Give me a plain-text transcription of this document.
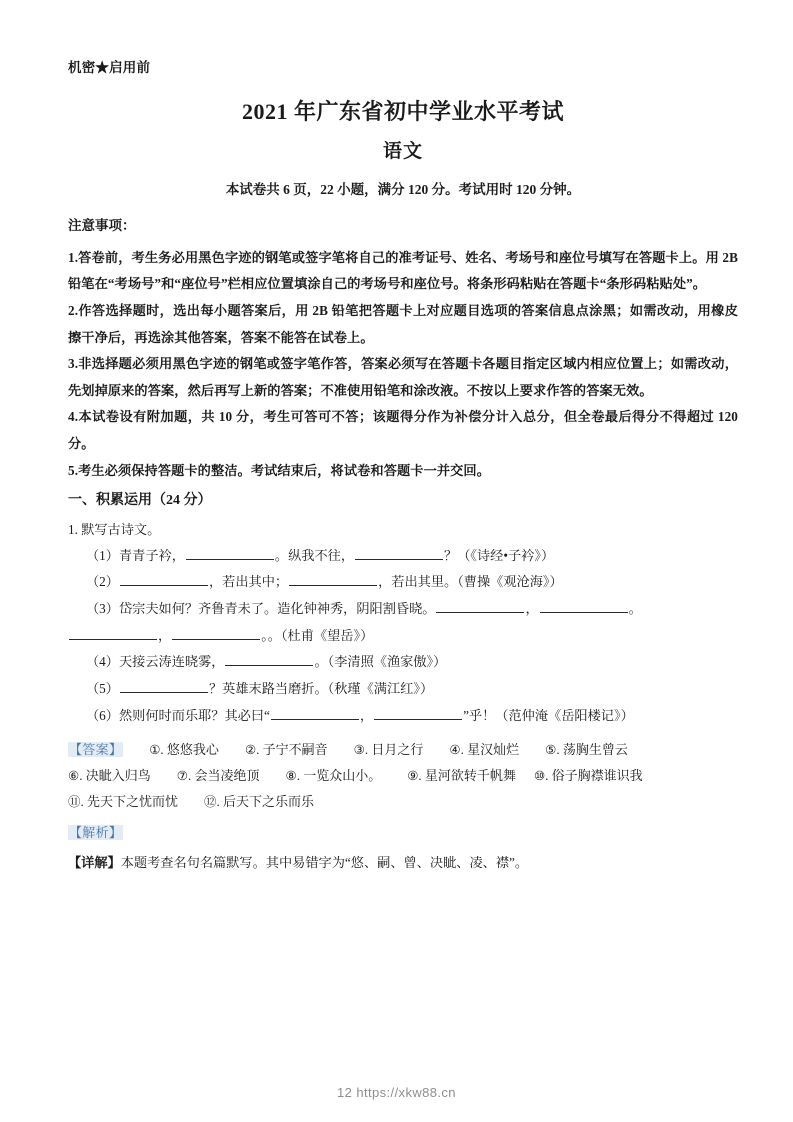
机密★启用前
2021 年广东省初中学业水平考试
语文
本试卷共 6 页，22 小题，满分 120 分。考试用时 120 分钟。
注意事项：

1.答卷前，考生务必用黑色字迹的钢笔或签字笔将自己的准考证号、姓名、考场号和座位号填写在答题卡上。用 2B 铅笔在“考场号”和“座位号”栏相应位置填涂自己的考场号和座位号。将条形码粘贴在答题卡“条形码粘贴处”。

2.作答选择题时，选出每小题答案后，用 2B 铅笔把答题卡上对应题目选项的答案信息点涂黑；如需改动，用橡皮擦干净后，再选涂其他答案，答案不能答在试卷上。

3.非选择题必须用黑色字迹的钢笔或签字笔作答，答案必须写在答题卡各题目指定区域内相应位置上；如需改动，先划掉原来的答案，然后再写上新的答案；不准使用铅笔和涂改液。不按以上要求作答的答案无效。

4.本试卷设有附加题，共 10 分，考生可答可不答；该题得分作为补偿分计入总分，但全卷最后得分不得超过 120 分。

5.考生必须保持答题卡的整洁。考试结束后，将试卷和答题卡一并交回。

一、积累运用（24 分）

1. 默写古诗文。

（1）青青子衿，	。纵我不往，	？（《诗经•子衿》）

（2）	，若出其中；	，若出其里。（曹操《观沧海》）

（3）岱宗夫如何？齐鲁青未了。造化钟神秀，阴阳割昏晓。	，	。

，	。。（杜甫《望岳》）

（4）天接云涛连晓雾，	。（李清照《渔家傲》）

（5）	？英雄末路当磨折。（秋瑾《满江红》）

（6）然则何时而乐耶？其必曰“	，	”乎！（范仲淹《岳阳楼记》）

【答案】 ①. 悠悠我心 ②. 子宁不嗣音 ③. 日月之行 ④. 星汉灿烂 ⑤. 荡胸生曾云

⑥. 决眦入归鸟 ⑦. 会当凌绝顶 ⑧. 一览众山小。 ⑨. 星河欲转千帆舞 ⑩. 俗子胸襟谁识我⑪. 先天下之忧而忧 ⑫. 后天下之乐而乐

【解析】

【详解】本题考查名句名篇默写。其中易错字为“悠、嗣、曾、决眦、凌、襟”。

12 https://xkw88.cn
